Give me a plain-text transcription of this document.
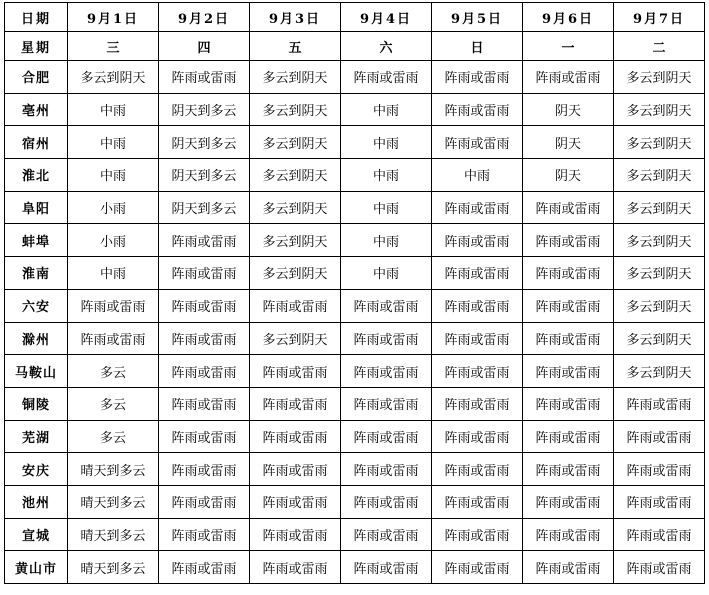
日期	9月1日	9月2日	9月3日	9月4日	9月5日	9月6日	9月7日
星期	三	四	五	六	日	一	二
合肥	多云到阴天	阵雨或雷雨	多云到阴天	阵雨或雷雨	阵雨或雷雨	阵雨或雷雨	多云到阴天
亳州	中雨	阴天到多云	多云到阴天	中雨	阵雨或雷雨	阴天	多云到阴天
宿州	中雨	阴天到多云	多云到阴天	中雨	阵雨或雷雨	阴天	多云到阴天
淮北	中雨	阴天到多云	多云到阴天	中雨	中雨	阴天	多云到阴天
阜阳	小雨	阴天到多云	多云到阴天	中雨	阵雨或雷雨	阵雨或雷雨	多云到阴天
蚌埠	小雨	阵雨或雷雨	多云到阴天	中雨	阵雨或雷雨	阵雨或雷雨	多云到阴天
淮南	中雨	阵雨或雷雨	多云到阴天	中雨	阵雨或雷雨	阵雨或雷雨	多云到阴天
六安	阵雨或雷雨	阵雨或雷雨	阵雨或雷雨	阵雨或雷雨	阵雨或雷雨	阵雨或雷雨	多云到阴天
滁州	阵雨或雷雨	阵雨或雷雨	多云到阴天	阵雨或雷雨	阵雨或雷雨	阵雨或雷雨	多云到阴天
马鞍山	多云	阵雨或雷雨	阵雨或雷雨	阵雨或雷雨	阵雨或雷雨	阵雨或雷雨	多云到阴天
铜陵	多云	阵雨或雷雨	阵雨或雷雨	阵雨或雷雨	阵雨或雷雨	阵雨或雷雨	阵雨或雷雨
芜湖	多云	阵雨或雷雨	阵雨或雷雨	阵雨或雷雨	阵雨或雷雨	阵雨或雷雨	阵雨或雷雨
安庆	晴天到多云	阵雨或雷雨	阵雨或雷雨	阵雨或雷雨	阵雨或雷雨	阵雨或雷雨	阵雨或雷雨
池州	晴天到多云	阵雨或雷雨	阵雨或雷雨	阵雨或雷雨	阵雨或雷雨	阵雨或雷雨	阵雨或雷雨
宣城	晴天到多云	阵雨或雷雨	阵雨或雷雨	阵雨或雷雨	阵雨或雷雨	阵雨或雷雨	阵雨或雷雨
黄山市	晴天到多云	阵雨或雷雨	阵雨或雷雨	阵雨或雷雨	阵雨或雷雨	阵雨或雷雨	阵雨或雷雨
